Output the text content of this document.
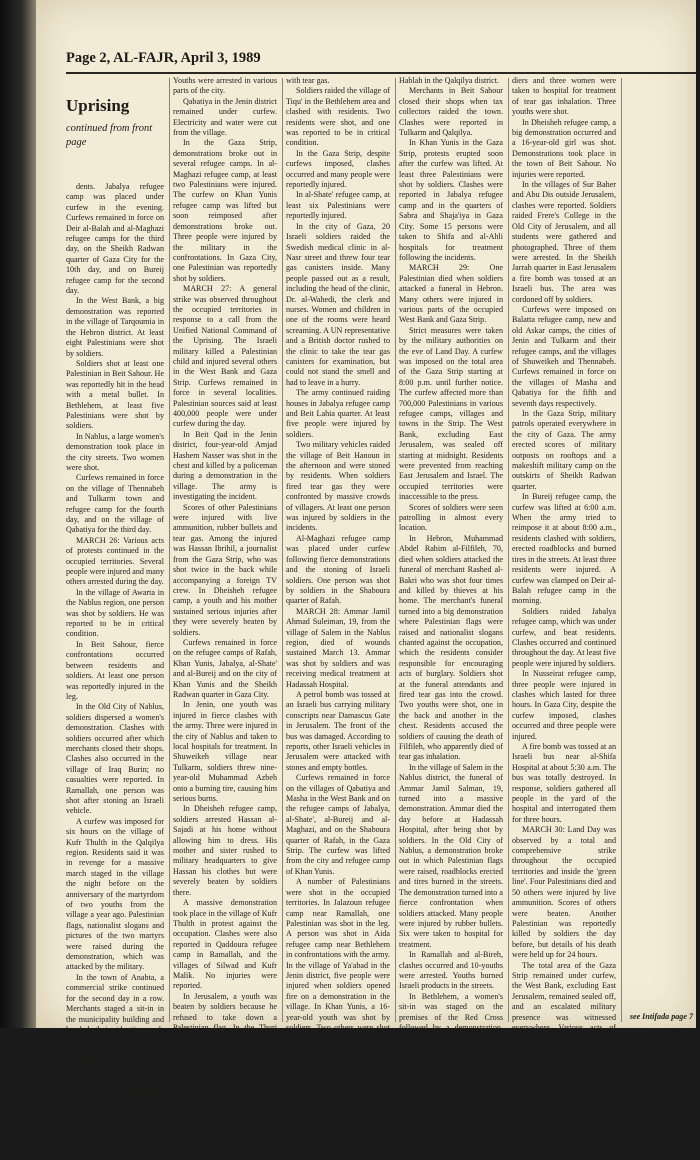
Page 2, AL-FAJR, April 3, 1989
Uprising
continued from front page

dents. Jabalya refugee camp was placed under curfew in the evening. Curfews remained in force on Deir al-Balah and al-Maghazi refugee camps for the third day, on the Sheikh Radwan quarter of Gaza City for the 10th day, and on Bureij refugee camp for the second day.

In the West Bank, a big demonstration was reported in the village of Tarqoumia in the Hebron district. At least eight Palestinians were shot by soldiers.

Soldiers shot at least one Palestinian in Beit Sahour. He was reportedly hit in the head with a metal bullet. In Bethlehem, at least five Palestinians were shot by soldiers.

In Nablus, a large women's demonstration took place in the city streets. Two women were shot.

Curfews remained in force on the village of Thennabeh and Tulkarm town and refugee camp for the fourth day, and on the village of Qabatiya for the third day.

MARCH 26: Various acts of protests continued in the occupied territories. Several people were injured and many others arrested during the day.

In the village of Awarta in the Nablus region, one person was shot by soldiers. He was reported to be in critical condition.

In Beit Sahour, fierce confrontations occurred between residents and soldiers. At least one person was reportedly injured in the leg.

In the Old City of Nablus, soldiers dispersed a women's demonstration. Clashes with soldiers occurred after which merchants closed their shops. Clashes also occurred in the village of Iraq Burin; no casualties were reported. In Ramallah, one person was shot after stoning an Israeli vehicle.

A curfew was imposed for six hours on the village of Kufr Thulth in the Qalqilya region. Residents said it was in revenge for a massive march staged in the village the night before on the anniversary of the martyrdom of two youths from the village a year ago. Palestinian flags, nationalist slogans and pictures of the two martyrs were raised during the demonstration, which was attacked by the military.

In the town of Anabta, a commercial strike continued for the second day in a row. Merchants staged a sit-in in the municipality building and handed their identity cards and receipts to the mayor in protest against tax raids the day before. Curfews were lifted from the town of Tulkarm and its refugee camp and the village of Thennabeh. The village of al-Mughayer remained under military siege.

In Jerusalem, peddlers in the area of Damascus Gate were ousted by the military

Youths were arrested in various parts of the city.

Qabatiya in the Jenin district remained under curfew. Electricity and water were cut from the village.

In the Gaza Strip, demonstrations broke out in several refugee camps. In al-Maghazi refugee camp, at least two Palestinians were injured. The curfew on Khan Yunis refugee camp was lifted but soon reimposed after demonstrations broke out. Three people were injured by the military in the confrontations. In Gaza City, one Palestinian was reportedly shot by soldiers.

MARCH 27: A general strike was observed throughout the occupied territories in response to a call from the Unified National Command of the Uprising. The Israeli military killed a Palestinian child and injured several others in the West Bank and Gaza Strip. Curfews remained in force in several localities. Palestinian sources said at least 400,000 people were under curfew during the day.

In Beit Qad in the Jenin district, four-year-old Amjad Hashem Nasser was shot in the chest and killed by a policeman during a demonstration in the village. The army is investigating the incident.

Scores of other Palestinians were injured with live ammunition, rubber bullets and tear gas. Among the injured was Hassan Ibrihil, a journalist from the Gaza Strip, who was shot twice in the back while accompanying a foreign TV crew. In Dheisheh refugee camp, a youth and his mother sustained serious injuries after they were severely beaten by soldiers.

Curfews remained in force on the refugee camps of Rafah, Khan Yunis, Jabalya, al-Shate' and al-Bureij and on the city of Khan Yunis and the Sheikh Radwan quarter in Gaza City.

In Jenin, one youth was injured in fierce clashes with the army. Three were injured in the city of Nablus and taken to local hospitals for treatment. In Shuweikeh village near Tulkarm, soldiers threw nine-year-old Muhammad Azbeh onto a burning tire, causing him serious burns.

In Dheisheh refugee camp, soldiers arrested Hassan al-Sajadi at his home without allowing him to dress. His mother and sister rushed to military headquarters to give Hassan his clothes but were severely beaten by soldiers there.

A massive demonstration took place in the village of Kufr Thulth in protest against the occupation. Clashes were also reported in Qaddoura refugee camp in Ramallah, and the villages of Silwad and Kufr Malik. No injuries were reported.

In Jerusalem, a youth was beaten by soldiers because he refused to take down a Palestinian flag. In the Thuri quarter of Jerusalem, residents erected roadblocks and burned tires in the streets. Soldiers who arrived at the scene sprayed the area

with tear gas.

Soldiers raided the village of Tiqu' in the Bethlehem area and clashed with residents. Two residents were shot, and one was reported to be in critical condition.

In the Gaza Strip, despite curfews imposed, clashes occurred and many people were reportedly injured.

In al-Shate' refugee camp, at least six Palestinians were reportedly injured.

In the city of Gaza, 20 Israeli soldiers raided the Swedish medical clinic in al-Nasr street and threw four tear gas canisters inside. Many people passed out as a result, including the head of the clinic, Dr. al-Wahedi, the clerk and nurses. Women and children in one of the rooms were heard screaming. A UN representative and a British doctor rushed to the clinic to take the tear gas canisters for examination, but could not stand the smell and had to leave in a hurry.

The army continued raiding houses in Jabalya refugee camp and Beit Lahia quarter. At least five people were injured by soldiers.

Two military vehicles raided the village of Beit Hanoun in the afternoon and were stoned by residents. When soldiers fired tear gas they were confronted by massive crowds of villagers. At least one person was injured by soldiers in the incidents.

Al-Maghazi refugee camp was placed under curfew following fierce demonstrations and the stoning of Israeli soldiers. One person was shot by soldiers in the Shaboura quarter of Rafah.

MARCH 28: Ammar Jamil Ahmad Suleiman, 19, from the village of Salem in the Nablus region, died of wounds sustained March 13. Ammar was shot by soldiers and was receiving medical treatment at Hadassah Hospital.

A petrol bomb was tossed at an Israeli bus carrying military conscripts near Damascus Gate in Jerusalem. The front of the bus was damaged. According to reports, other Israeli vehicles in Jerusalem were attacked with stones and empty bottles.

Curfews remained in force on the villages of Qabatiya and Masha in the West Bank and on the refugee camps of Jabalya, al-Shate', al-Bureij and al-Maghazi, and on the Shaboura quarter of Rafah, in the Gaza Strip. The curfew was lifted from the city and refugee camp of Khan Yunis.

A number of Palestinians were shot in the occupied territories. In Jalazoun refugee camp near Ramallah, one Palestinian was shot in the leg. A person was shot in Aida refugee camp near Bethlehem in confrontations with the army. In the village of Ya'abad in the Jenin district, five people were injured when soldiers opened fire on a demonstration in the village. In Khan Yunis, a 16-year-old youth was shot by soldiers. Two others were shot in the Hebron area. A curfew was imposed on the village of

Hablah in the Qalqilya district.

Merchants in Beit Sahour closed their shops when tax collectors raided the town. Clashes were reported in Tulkarm and Qalqilya.

In Khan Yunis in the Gaza Strip, protests erupted soon after the curfew was lifted. At least three Palestinians were shot by soldiers. Clashes were reported in Jabalya refugee camp and in the quarters of Sabra and Shaja'iya in Gaza City. Some 15 persons were taken to Shifa and al-Ahli hospitals for treatment following the incidents.

MARCH 29: One Palestinian died when soldiers attacked a funeral in Hebron. Many others were injured in various parts of the occupied West Bank and Gaza Strip.

Strict measures were taken by the military authorities on the eve of Land Day. A curfew was imposed on the total area of the Gaza Strip starting at 8:00 p.m. until further notice. The curfew affected more than 700,000 Palestinians in various refugee camps, villages and towns in the Strip. The West Bank, excluding East Jerusalem, was sealed off starting at midnight. Residents were prevented from reaching East Jerusalem and Israel. The occupied territories were inaccessible to the press.

Scores of soldiers were seen patrolling in almost every location.

In Hebron, Muhammad Abdel Rahim al-Filfileh, 70, died when soldiers attacked the funeral of merchant Rashed al-Bakri who was shot four times and killed by thieves at his home. The merchant's funeral turned into a big demonstration where Palestinian flags were raised and nationalist slogans chanted against the occupation, which the residents consider responsible for encouraging acts of burglary. Soldiers shot at the funeral attendants and fired tear gas into the crowd. Two youths were shot, one in the back and another in the chest. Residents accused the soldiers of causing the death of Filfileh, who apparently died of tear gas inhalation.

In the village of Salem in the Nablus district, the funeral of Ammar Jamil Salman, 19, turned into a massive demonstration. Ammar died the day before at Hadassah Hospital, after being shot by soldiers. In the Old City of Nablus, a demonstration broke out in which Palestinian flags were raised, roadblocks erected and tires burned in the streets. The demonstration turned into a fierce confrontation when soldiers attacked. Many people were injured by rubber bullets. Six were taken to hospital for treatment.

In Ramallah and al-Bireh, clashes occurred and 10-youths were arrested. Youths burned Israeli products in the streets.

In Bethlehem, a women's sit-in was staged on the premises of the Red Cross followed by a demonstration. The demonstration was attacked by sol-

diers and three women were taken to hospital for treatment of tear gas inhalation. Three youths were shot.

In Dheisheh refugee camp, a big demonstration occurred and a 16-year-old girl was shot. Demonstrations took place in the town of Beit Sahour. No injuries were reported.

In the villages of Sur Baher and Abu Dis outside Jerusalem, clashes were reported. Soldiers raided Frere's College in the Old City of Jerusalem, and all students were gathered and photographed. Three of them were arrested. In the Sheikh Jarrah quarter in East Jerusalem a fire bomb was tossed at an Israeli bus. The area was cordoned off by soldiers.

Curfews were imposed on Balatta refugee camp, new and old Askar camps, the cities of Jenin and Tulkarm and their refugee camps, and the villages of Shuweikeh and Thennabeh. Curfews remained in force on the villages of Masha and Qabatiya for the fifth and seventh days respectively.

In the Gaza Strip, military patrols operated everywhere in the city of Gaza. The army erected scores of military outposts on rooftops and a makeshift military camp on the outskirts of Sheikh Radwan quarter.

In Bureij refugee camp, the curfew was lifted at 6:00 a.m. When the army tried to reimpose it at about 8:00 a.m., residents clashed with soldiers, erected roadblocks and burned tires in the streets. At least three residents were injured. A curfew was clamped on Deir al-Balah refugee camp in the morning.

Soldiers raided Jabalya refugee camp, which was under curfew, and beat residents. Clashes occurred and continued throughout the day. At least five people were injured by soldiers.

In Nusseirat refugee camp, three people were injured in clashes which lasted for three hours. In Gaza City, despite the curfew imposed, clashes occurred and three people were injured.

A fire bomb was tossed at an Israeli bus near al-Shifa Hospital at about 5:30 a.m. The bus was totally destroyed. In response, soldiers gathered all people in the yard of the hospital and interrogated them for three hours.

MARCH 30: Land Day was observed by a total and comprehensive strike throughout the occupied territories and inside the 'green line'. Four Palestinians died and 50 others were injured by live ammunition. Scores of others were beaten. Another Palestinian was reportedly killed by soldiers the day before, but details of his death were held up for 24 hours.

The total area of the Gaza Strip remained under curfew, the West Bank, excluding East Jerusalem, remained sealed off, and an escalated military presence was witnessed everywhere. Various acts of protest were

see Intifada page 7
